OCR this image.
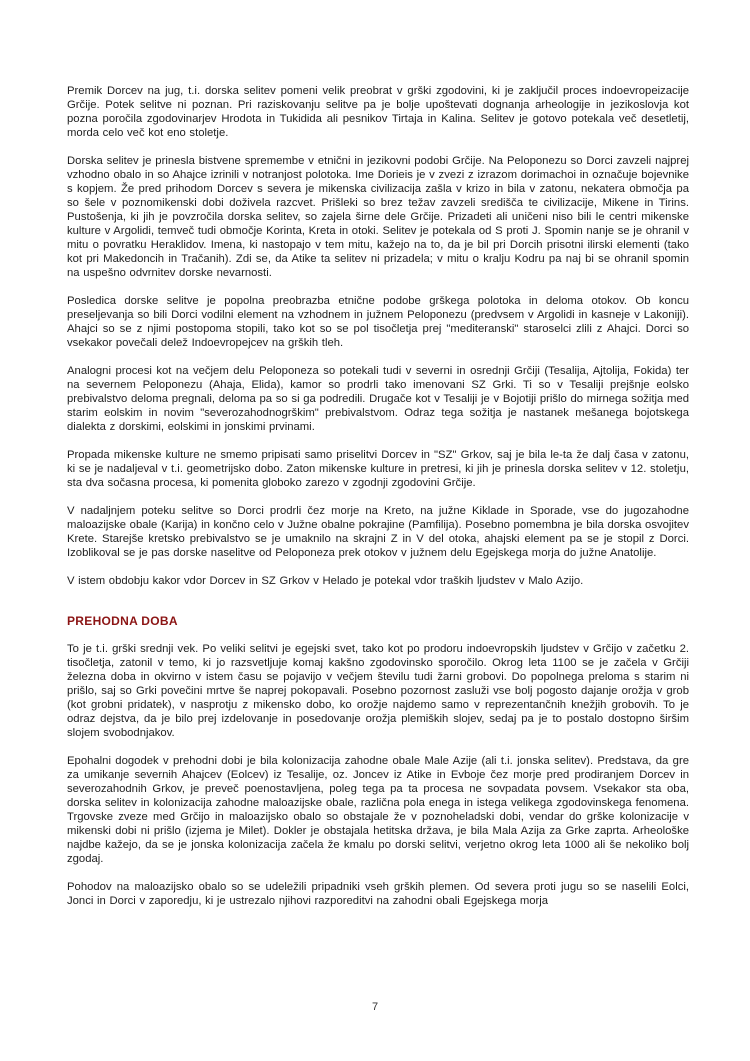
Premik Dorcev na jug, t.i. dorska selitev pomeni velik preobrat v grški zgodovini, ki je zaključil proces indoevropeizacije Grčije. Potek selitve ni poznan. Pri raziskovanju selitve pa je bolje upoštevati dognanja arheologije in jezikoslovja kot pozna poročila zgodovinarjev Hrodota in Tukidida ali pesnikov Tirtaja in Kalina. Selitev je gotovo potekala več desetletij, morda celo več kot eno stoletje.

Dorska selitev je prinesla bistvene spremembe v etnični in jezikovni podobi Grčije. Na Peloponezu so Dorci zavzeli najprej vzhodno obalo in so Ahajce izrinili v notranjost polotoka. Ime Dorieis je v zvezi z izrazom dorimachoi in označuje bojevnike s kopjem. Že pred prihodom Dorcev s severa je mikenska civilizacija zašla v krizo in bila v zatonu, nekatera območja pa so šele v poznomikenski dobi doživela razcvet. Prišleki so brez težav zavzeli središča te civilizacije, Mikene in Tirins. Pustošenja, ki jih je povzročila dorska selitev, so zajela širne dele Grčije. Prizadeti ali uničeni niso bili le centri mikenske kulture v Argolidi, temveč tudi območje Korinta, Kreta in otoki. Selitev je potekala od S proti J. Spomin nanje se je ohranil v mitu o povratku Heraklidov. Imena, ki nastopajo v tem mitu, kažejo na to, da je bil pri Dorcih prisotni ilirski elementi (tako kot pri Makedoncih in Tračanih). Zdi se, da Atike ta selitev ni prizadela; v mitu o kralju Kodru pa naj bi se ohranil spomin na uspešno odvrnitev dorske nevarnosti.

Posledica dorske selitve je popolna preobrazba etnične podobe grškega polotoka in deloma otokov. Ob koncu preseljevanja so bili Dorci vodilni element na vzhodnem in južnem Peloponezu (predvsem v Argolidi in kasneje v Lakoniji). Ahajci so se z njimi postopoma stopili, tako kot so se pol tisočletja prej "mediteranski" staroselci zlili z Ahajci. Dorci so vsekakor povečali delež Indoevropejcev na grških tleh.

Analogni procesi kot na večjem delu Peloponeza so potekali tudi v severni in osrednji Grčiji (Tesalija, Ajtolija, Fokida) ter na severnem Peloponezu (Ahaja, Elida), kamor so prodrli tako imenovani SZ Grki. Ti so v Tesaliji prejšnje eolsko prebivalstvo deloma pregnali, deloma pa so si ga podredili. Drugače kot v Tesaliji je v Bojotiji prišlo do mirnega sožitja med starim eolskim in novim "severozahodnogrškim" prebivalstvom. Odraz tega sožitja je nastanek mešanega bojotskega dialekta z dorskimi, eolskimi in jonskimi prvinami.

Propada mikenske kulture ne smemo pripisati samo priselitvi Dorcev in "SZ" Grkov, saj je bila le-ta že dalj časa v zatonu, ki se je nadaljeval v t.i. geometrijsko dobo. Zaton mikenske kulture in pretresi, ki jih je prinesla dorska selitev v 12. stoletju, sta dva sočasna procesa, ki pomenita globoko zarezo v zgodnji zgodovini Grčije.

V nadaljnjem poteku selitve so Dorci prodrli čez morje na Kreto, na južne Kiklade in Sporade, vse do jugozahodne maloazijske obale (Karija) in končno celo v Južne obalne pokrajine (Pamfilija). Posebno pomembna je bila dorska osvojitev Krete. Starejše kretsko prebivalstvo se je umaknilo na skrajni Z in V del otoka, ahajski element pa se je stopil z Dorci. Izoblikoval se je pas dorske naselitve od Peloponeza prek otokov v južnem delu Egejskega morja do južne Anatolije.

V istem obdobju kakor vdor Dorcev in SZ Grkov v Helado je potekal vdor traških ljudstev v Malo Azijo.

PREHODNA DOBA

To je t.i. grški srednji vek. Po veliki selitvi je egejski svet, tako kot po prodoru indoevropskih ljudstev v Grčijo v začetku 2. tisočletja, zatonil v temo, ki jo razsvetljuje komaj kakšno zgodovinsko sporočilo. Okrog leta 1100 se je začela v Grčiji železna doba in okvirno v istem času se pojavijo v večjem številu tudi žarni grobovi. Do popolnega preloma s starim ni prišlo, saj so Grki povečini mrtve še naprej pokopavali. Posebno pozornost zasluži vse bolj pogosto dajanje orožja v grob (kot grobni pridatek), v nasprotju z mikensko dobo, ko orožje najdemo samo v reprezentančnih knežjih grobovih. To je odraz dejstva, da je bilo prej izdelovanje in posedovanje orožja plemiških slojev, sedaj pa je to postalo dostopno širšim slojem svobodnjakov.

Epohalni dogodek v prehodni dobi je bila kolonizacija zahodne obale Male Azije (ali t.i. jonska selitev). Predstava, da gre za umikanje severnih Ahajcev (Eolcev) iz Tesalije, oz. Joncev iz Atike in Evboje čez morje pred prodiranjem Dorcev in severozahodnih Grkov, je preveč poenostavljena, poleg tega pa ta procesa ne sovpadata povsem. Vsekakor sta oba, dorska selitev in kolonizacija zahodne maloazijske obale, različna pola enega in istega velikega zgodovinskega fenomena. Trgovske zveze med Grčijo in maloazijsko obalo so obstajale že v poznoheladski dobi, vendar do grške kolonizacije v mikenski dobi ni prišlo (izjema je Milet). Dokler je obstajala hetitska država, je bila Mala Azija za Grke zaprta. Arheološke najdbe kažejo, da se je jonska kolonizacija začela že kmalu po dorski selitvi, verjetno okrog leta 1000 ali še nekoliko bolj zgodaj.

Pohodov na maloazijsko obalo so se udeležili pripadniki vseh grških plemen. Od severa proti jugu so se naselili Eolci, Jonci in Dorci v zaporedju, ki je ustrezalo njihovi razporeditvi na zahodni obali Egejskega morja

7
